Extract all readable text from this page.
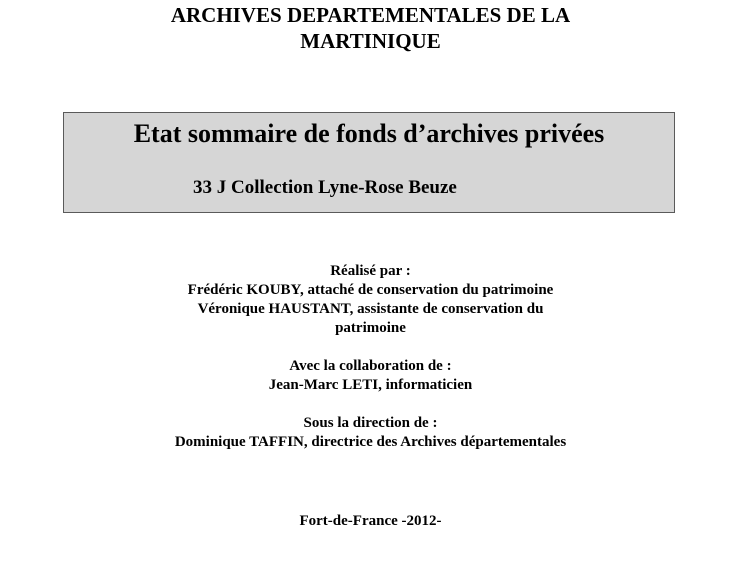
ARCHIVES DEPARTEMENTALES DE LA
MARTINIQUE
Etat sommaire de fonds d’archives privées
33 J Collection Lyne-Rose Beuze
Réalisé par :
Frédéric KOUBY, attaché de conservation du patrimoine
Véronique HAUSTANT, assistante de conservation du
patrimoine
Avec la collaboration de :
Jean-Marc LETI, informaticien
Sous la direction de :
Dominique TAFFIN, directrice des Archives départementales
Fort-de-France -2012-
